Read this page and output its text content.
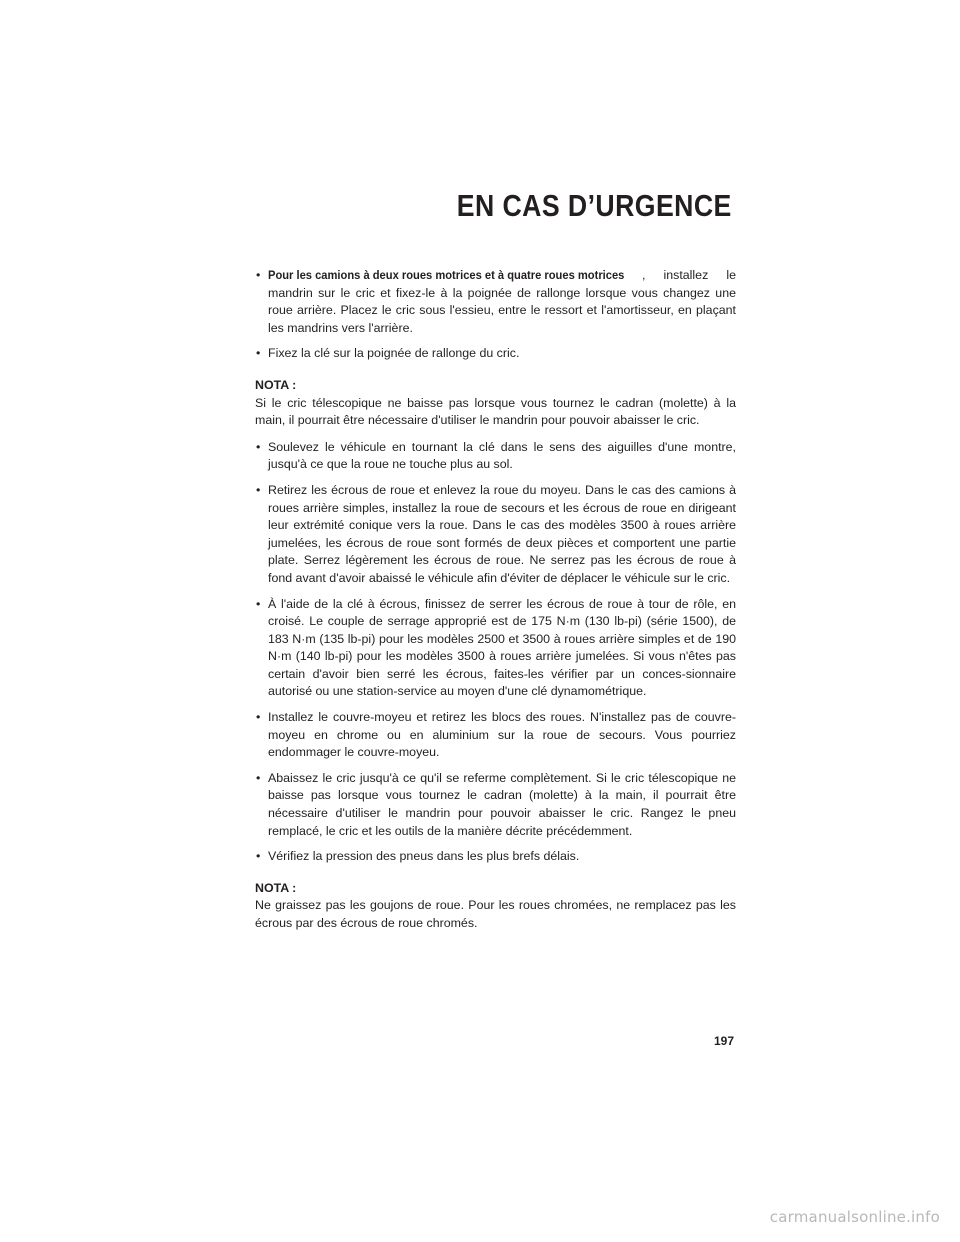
EN CAS D’URGENCE

• Pour les camions à deux roues motrices et à quatre roues motrices , installez le mandrin sur le cric et fixez-le à la poignée de rallonge lorsque vous changez une roue arrière. Placez le cric sous l'essieu, entre le ressort et l'amortisseur, en plaçant les mandrins vers l'arrière.

• Fixez la clé sur la poignée de rallonge du cric.

NOTA :

Si le cric télescopique ne baisse pas lorsque vous tournez le cadran (molette) à la main, il pourrait être nécessaire d'utiliser le mandrin pour pouvoir abaisser le cric.

• Soulevez le véhicule en tournant la clé dans le sens des aiguilles d'une montre, jusqu'à ce que la roue ne touche plus au sol.

• Retirez les écrous de roue et enlevez la roue du moyeu. Dans le cas des camions à roues arrière simples, installez la roue de secours et les écrous de roue en dirigeant leur extrémité conique vers la roue. Dans le cas des modèles 3500 à roues arrière jumelées, les écrous de roue sont formés de deux pièces et comportent une partie plate. Serrez légèrement les écrous de roue. Ne serrez pas les écrous de roue à fond avant d'avoir abaissé le véhicule afin d'éviter de déplacer le véhicule sur le cric.

• À l'aide de la clé à écrous, finissez de serrer les écrous de roue à tour de rôle, en croisé. Le couple de serrage approprié est de 175 N·m (130 lb-pi) (série 1500), de 183 N·m (135 lb-pi) pour les modèles 2500 et 3500 à roues arrière simples et de 190 N·m (140 lb-pi) pour les modèles 3500 à roues arrière jumelées. Si vous n'êtes pas certain d'avoir bien serré les écrous, faites-les vérifier par un conces-sionnaire autorisé ou une station-service au moyen d'une clé dynamométrique.

• Installez le couvre-moyeu et retirez les blocs des roues. N'installez pas de couvre-moyeu en chrome ou en aluminium sur la roue de secours. Vous pourriez endommager le couvre-moyeu.

• Abaissez le cric jusqu'à ce qu'il se referme complètement. Si le cric télescopique ne baisse pas lorsque vous tournez le cadran (molette) à la main, il pourrait être nécessaire d'utiliser le mandrin pour pouvoir abaisser le cric. Rangez le pneu remplacé, le cric et les outils de la manière décrite précédemment.

• Vérifiez la pression des pneus dans les plus brefs délais.

NOTA :

Ne graissez pas les goujons de roue. Pour les roues chromées, ne remplacez pas les écrous par des écrous de roue chromés.

197
carmanualsonline.info
